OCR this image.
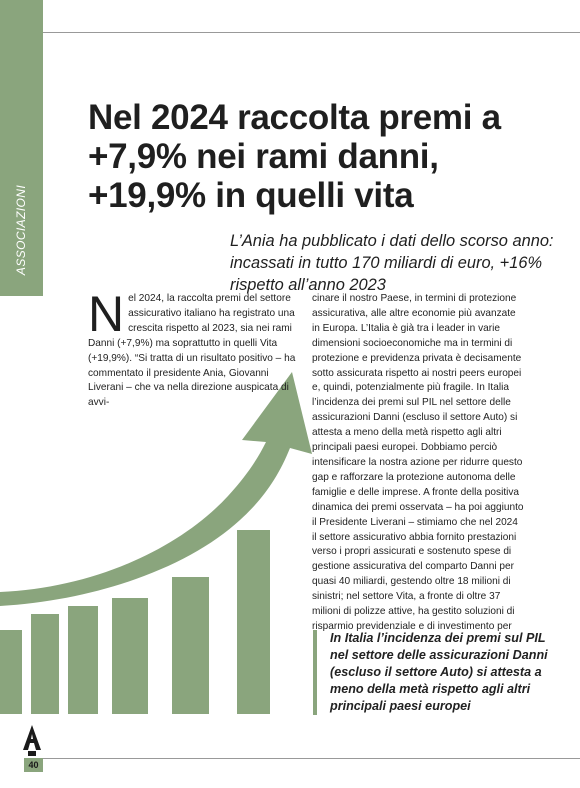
ASSOCIAZIONI
Nel 2024 raccolta premi a +7,9% nei rami danni, +19,9% in quelli vita

L’Ania ha pubblicato i dati dello scorso anno: incassati in tutto 170 miliardi di euro, +16% rispetto all’anno 2023

Nel 2024, la raccolta premi del settore assicurativo italiano ha registrato una crescita rispetto al 2023, sia nei rami Danni (+7,9%) ma soprattutto in quelli Vita (+19,9%). “Si tratta di un risultato positivo – ha commentato il presidente Ania, Giovanni Liverani – che va nella direzione auspicata di avvi-
cinare il nostro Paese, in termini di protezione assicurativa, alle altre economie più avanzate in Europa. L’Italia è già tra i leader in varie dimensioni socioeconomiche ma in termini di protezione e previdenza privata è decisamente sotto assicurata rispetto ai nostri peers europei e, quindi, potenzialmente più fragile. In Italia l’incidenza dei premi sul PIL nel settore delle assicurazioni Danni (escluso il settore Auto) si attesta a meno della metà rispetto agli altri principali paesi europei. Dobbiamo perciò intensificare la nostra azione per ridurre questo gap e rafforzare la protezione autonoma delle famiglie e delle imprese. A fronte della positiva dinamica dei premi osservata – ha poi aggiunto il Presidente Liverani – stimiamo che nel 2024 il settore assicurativo abbia fornito prestazioni verso i propri assicurati e sostenuto spese di gestione assicurativa del comparto Danni per quasi 40 miliardi, gestendo oltre 18 milioni di sinistri; nel settore Vita, a fronte di oltre 37 milioni di polizze attive, ha gestito soluzioni di risparmio previdenziale e di investimento per
In Italia l’incidenza dei premi sul PIL nel settore delle assicurazioni Danni (escluso il settore Auto) si attesta a meno della metà rispetto agli altri principali paesi europei
40
